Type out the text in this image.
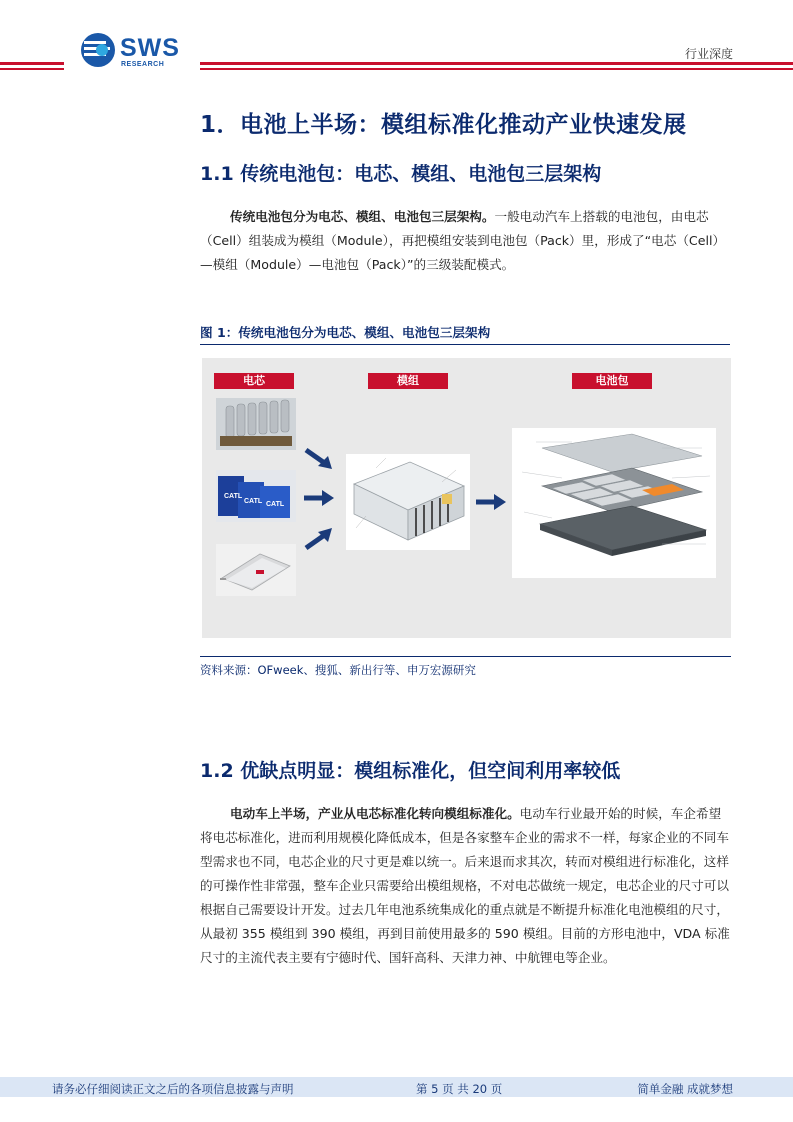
SWS
RESEARCH
行业深度
1．电池上半场：模组标准化推动产业快速发展
1.1 传统电池包：电芯、模组、电池包三层架构
传统电池包分为电芯、模组、电池包三层架构。一般电动汽车上搭载的电池包，由电芯（Cell）组装成为模组（Module），再把模组安装到电池包（Pack）里，形成了“电芯（Cell）—模组（Module）—电池包（Pack）”的三级装配模式。
图 1：传统电池包分为电芯、模组、电池包三层架构
电芯	模组	电池包
CATL
CATL CATL
资料来源：OFweek、搜狐、新出行等、申万宏源研究
1.2 优缺点明显：模组标准化，但空间利用率较低
电动车上半场，产业从电芯标准化转向模组标准化。电动车行业最开始的时候，车企希望将电芯标准化，进而利用规模化降低成本，但是各家整车企业的需求不一样，每家企业的不同车型需求也不同，电芯企业的尺寸更是难以统一。后来退而求其次，转而对模组进行标准化，这样的可操作性非常强，整车企业只需要给出模组规格，不对电芯做统一规定，电芯企业的尺寸可以根据自己需要设计开发。过去几年电池系统集成化的重点就是不断提升标准化电池模组的尺寸，从最初 355 模组到 390 模组，再到目前使用最多的 590 模组。目前的方形电池中，VDA 标准尺寸的主流代表主要有宁德时代、国轩高科、天津力神、中航锂电等企业。
请务必仔细阅读正文之后的各项信息披露与声明	第 5 页 共 20 页	简单金融 成就梦想
